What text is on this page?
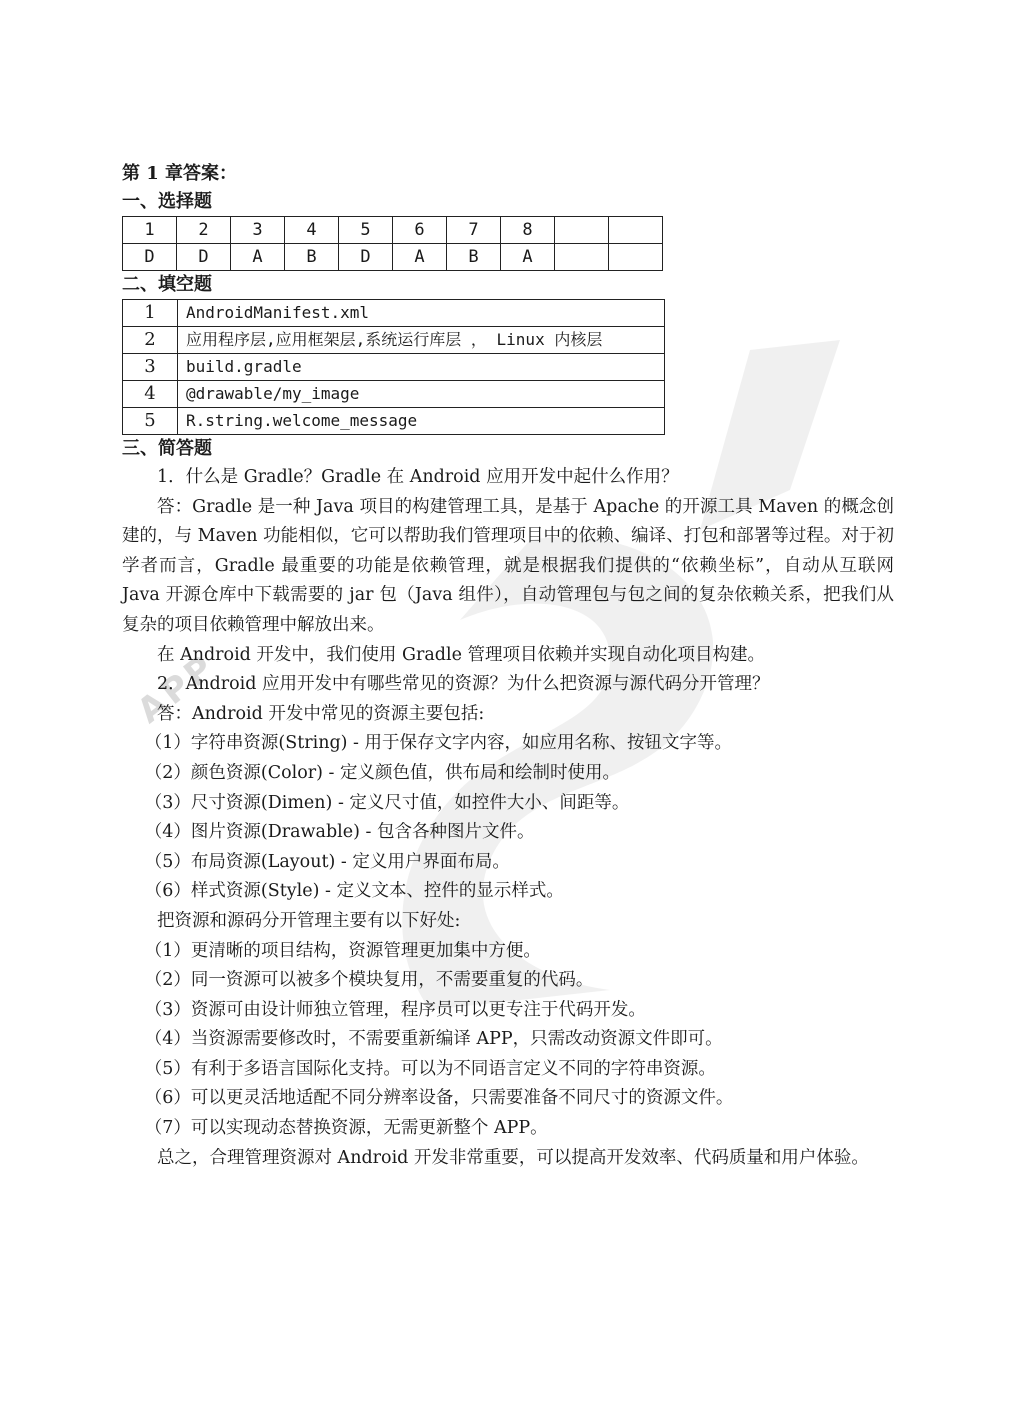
APP
第 1 章答案：
一、选择题
1	2	3	4	5	6	7	8		
D	D	A	B	D	A	B	A		
二、填空题
1	AndroidManifest.xml
2	应用程序层,应用框架层,系统运行库层 ， Linux 内核层
3	build.gradle
4	@drawable/my_image
5	R.string.welcome_message
三、简答题
1．什么是 Gradle？Gradle 在 Android 应用开发中起什么作用？
答：Gradle 是一种 Java 项目的构建管理工具，是基于 Apache 的开源工具 Maven 的概念创建的，与 Maven 功能相似，它可以帮助我们管理项目中的依赖、编译、打包和部署等过程。对于初学者而言，Gradle 最重要的功能是依赖管理，就是根据我们提供的“依赖坐标”，自动从互联网 Java 开源仓库中下载需要的 jar 包（Java 组件），自动管理包与包之间的复杂依赖关系，把我们从复杂的项目依赖管理中解放出来。
在 Android 开发中，我们使用 Gradle 管理项目依赖并实现自动化项目构建。
2．Android 应用开发中有哪些常见的资源？为什么把资源与源代码分开管理？
答：Android 开发中常见的资源主要包括:
（1）字符串资源(String) - 用于保存文字内容，如应用名称、按钮文字等。
（2）颜色资源(Color) - 定义颜色值，供布局和绘制时使用。
（3）尺寸资源(Dimen) - 定义尺寸值，如控件大小、间距等。
（4）图片资源(Drawable) - 包含各种图片文件。
（5）布局资源(Layout) - 定义用户界面布局。
（6）样式资源(Style) - 定义文本、控件的显示样式。
把资源和源码分开管理主要有以下好处:
（1）更清晰的项目结构，资源管理更加集中方便。
（2）同一资源可以被多个模块复用，不需要重复的代码。
（3）资源可由设计师独立管理，程序员可以更专注于代码开发。
（4）当资源需要修改时，不需要重新编译 APP，只需改动资源文件即可。
（5）有利于多语言国际化支持。可以为不同语言定义不同的字符串资源。
（6）可以更灵活地适配不同分辨率设备，只需要准备不同尺寸的资源文件。
（7）可以实现动态替换资源，无需更新整个 APP。
总之，合理管理资源对 Android 开发非常重要，可以提高开发效率、代码质量和用户体验。
